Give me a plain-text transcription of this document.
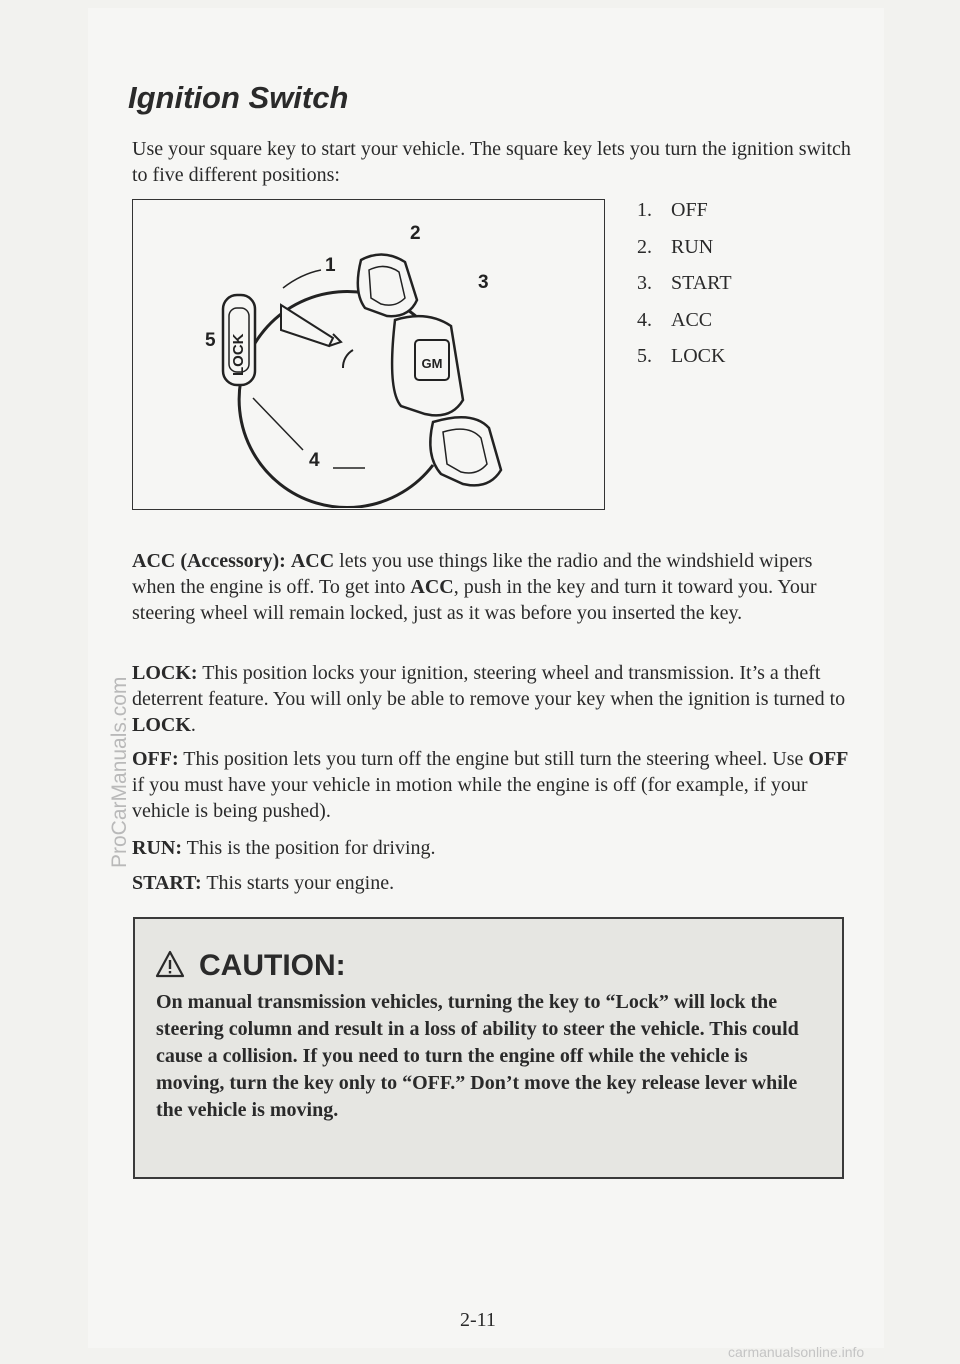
Ignition Switch

Use your square key to start your vehicle. The square key lets you turn the ignition switch to five different positions:

GM
2
1
3
5
4
LOCK
1. OFF
2. RUN
3. START
4. ACC
5. LOCK

ACC (Accessory): ACC lets you use things like the radio and the windshield wipers when the engine is off. To get into ACC, push in the key and turn it toward you. Your steering wheel will remain locked, just as it was before you inserted the key.

LOCK: This position locks your ignition, steering wheel and transmission. It’s a theft deterrent feature. You will only be able to remove your key when the ignition is turned to LOCK.

OFF: This position lets you turn off the engine but still turn the steering wheel. Use OFF if you must have your vehicle in motion while the engine is off (for example, if your vehicle is being pushed).

RUN: This is the position for driving.

START: This starts your engine.

CAUTION:

On manual transmission vehicles, turning the key to “Lock” will lock the steering column and result in a loss of ability to steer the vehicle. This could cause a collision. If you need to turn the engine off while the vehicle is moving, turn the key only to “OFF.” Don’t move the key release lever while the vehicle is moving.

2-11

ProCarManuals.com
carmanualsonline.info
